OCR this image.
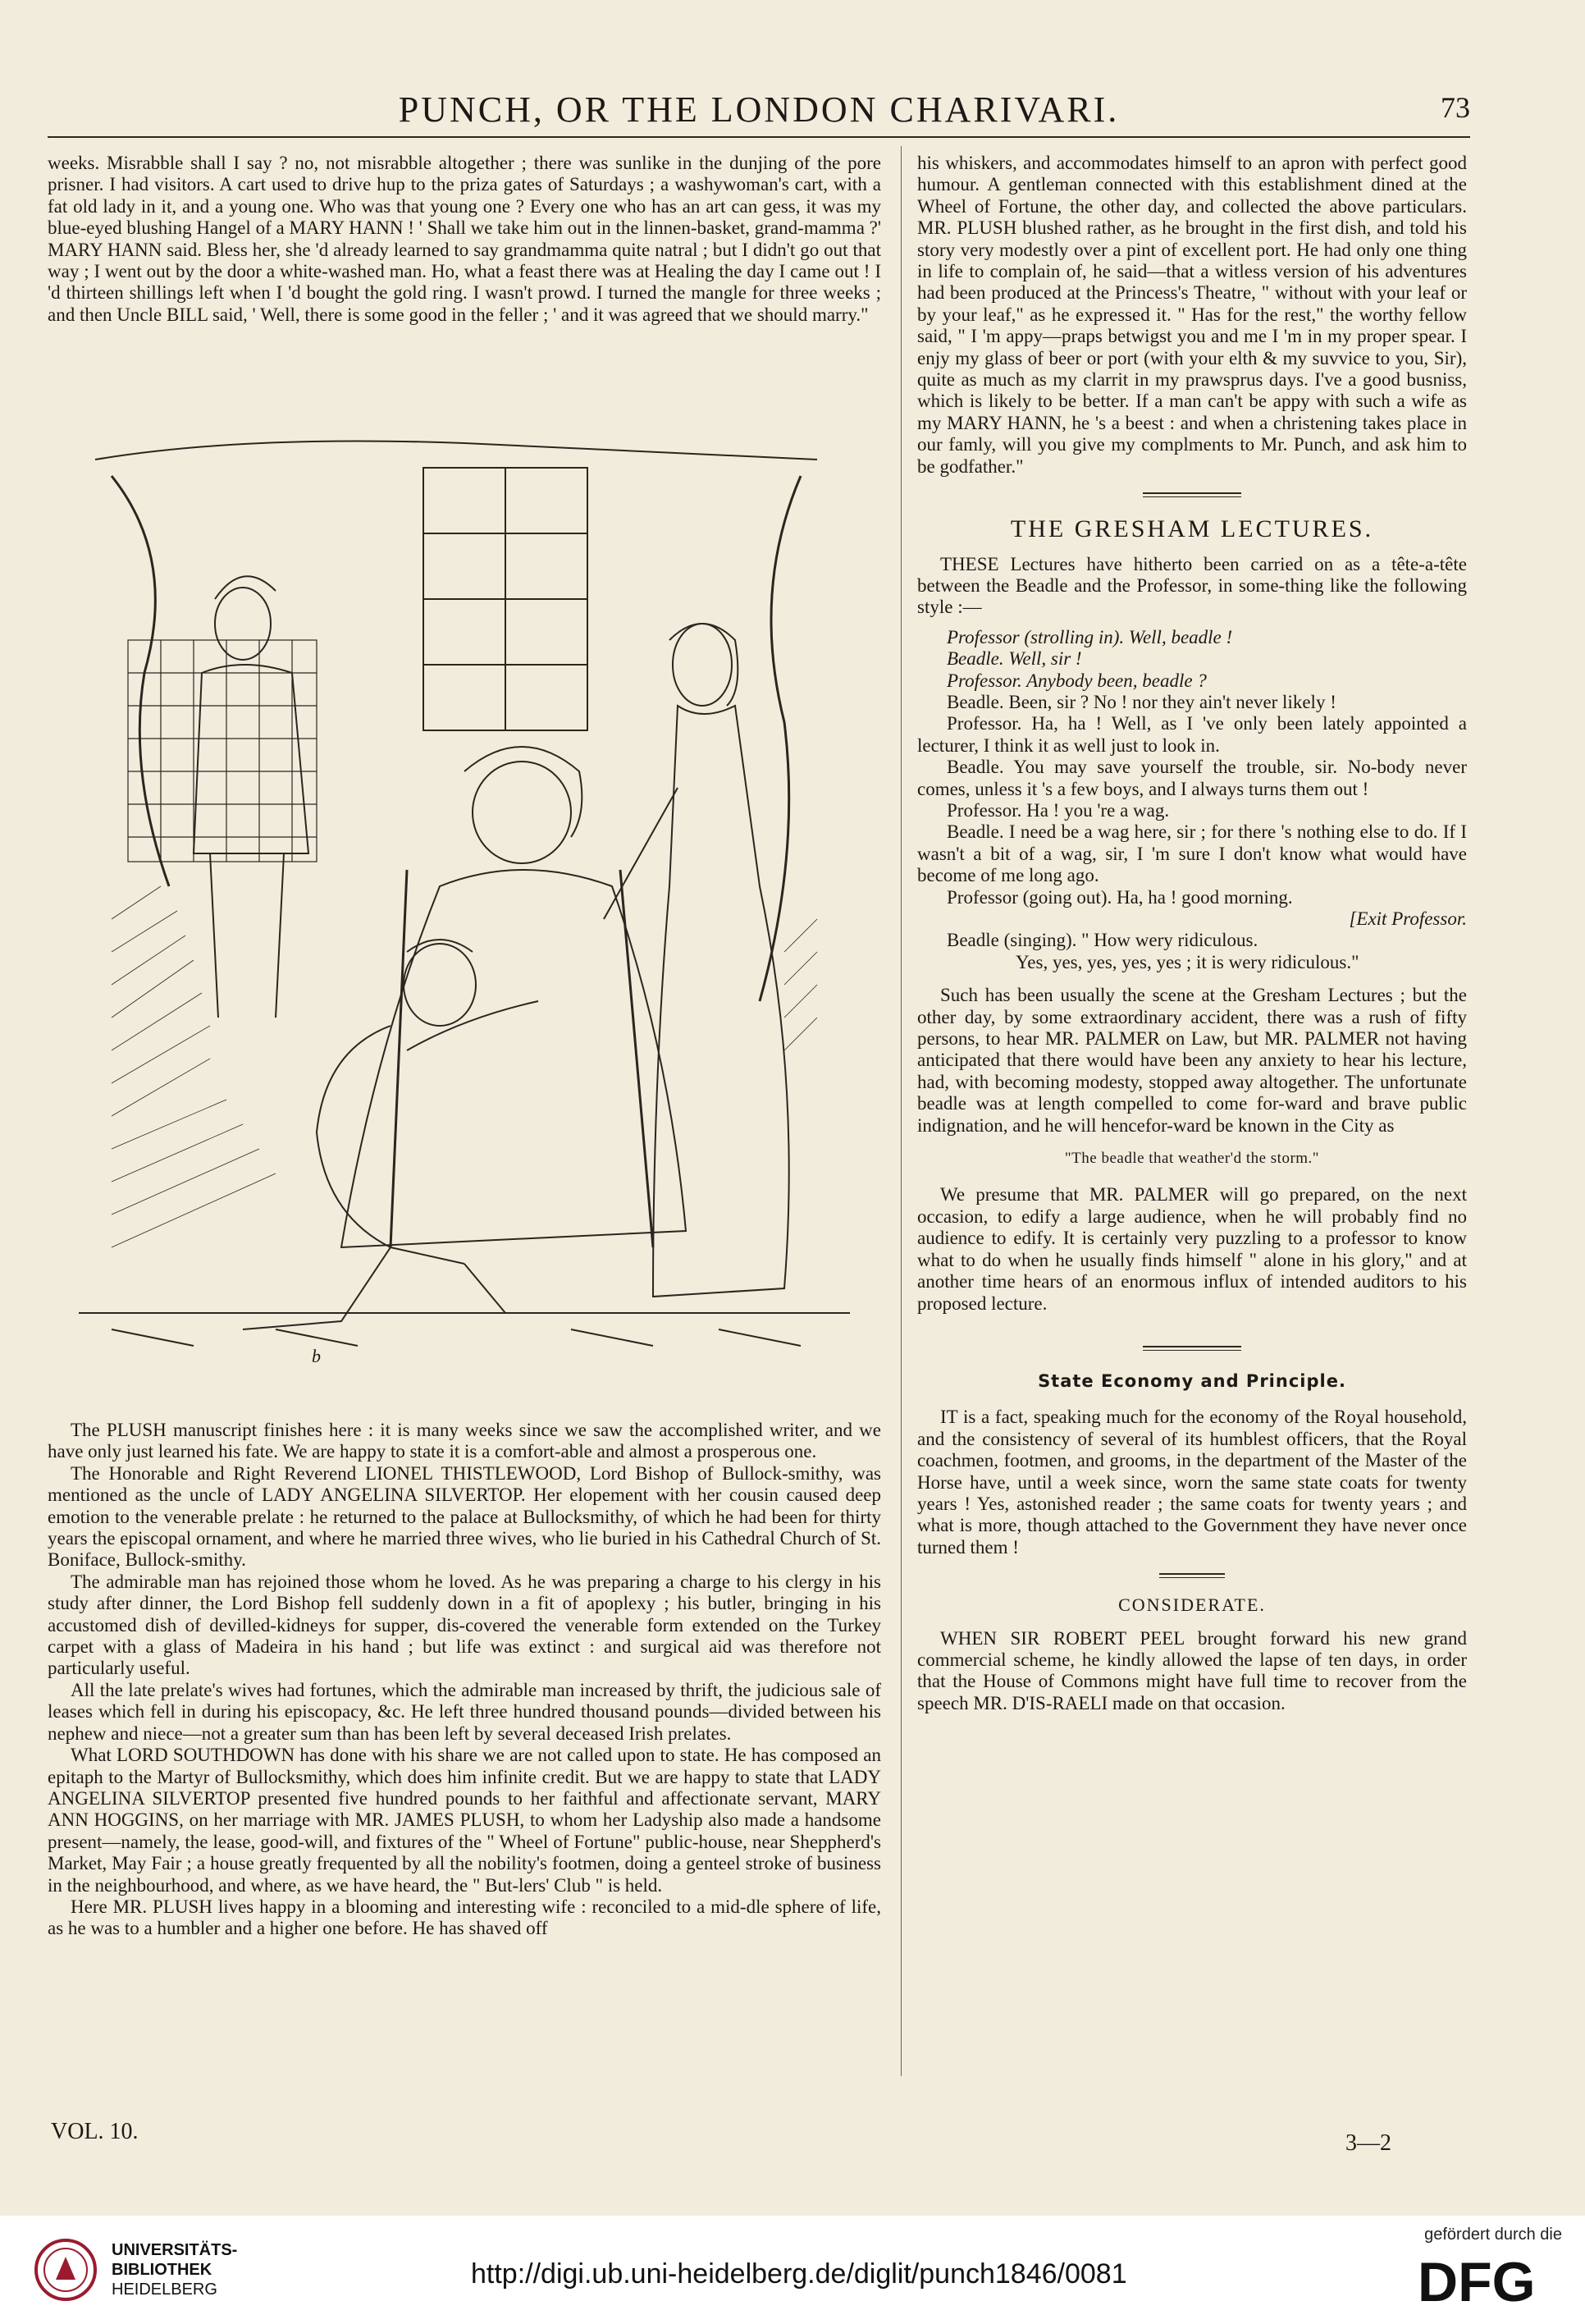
PUNCH, OR THE LONDON CHARIVARI.	73

weeks. Misrabble shall I say ? no, not misrabble altogether ; there was sunlike in the dunjing of the pore prisner. I had visitors. A cart used to drive hup to the priza gates of Saturdays ; a washywoman's cart, with a fat old lady in it, and a young one. Who was that young one ? Every one who has an art can gess, it was my blue-eyed blushing Hangel of a MARY HANN ! ' Shall we take him out in the linnen-basket, grand-mamma ?' MARY HANN said. Bless her, she 'd already learned to say grandmamma quite natral ; but I didn't go out that way ; I went out by the door a white-washed man. Ho, what a feast there was at Healing the day I came out ! I 'd thirteen shillings left when I 'd bought the gold ring. I wasn't prowd. I turned the mangle for three weeks ; and then Uncle BILL said, ' Well, there is some good in the feller ; ' and it was agreed that we should marry."

b

The PLUSH manuscript finishes here : it is many weeks since we saw the accomplished writer, and we have only just learned his fate. We are happy to state it is a comfort-able and almost a prosperous one.

The Honorable and Right Reverend LIONEL THISTLEWOOD, Lord Bishop of Bullock-smithy, was mentioned as the uncle of LADY ANGELINA SILVERTOP. Her elopement with her cousin caused deep emotion to the venerable prelate : he returned to the palace at Bullocksmithy, of which he had been for thirty years the episcopal ornament, and where he married three wives, who lie buried in his Cathedral Church of St. Boniface, Bullock-smithy.

The admirable man has rejoined those whom he loved. As he was preparing a charge to his clergy in his study after dinner, the Lord Bishop fell suddenly down in a fit of apoplexy ; his butler, bringing in his accustomed dish of devilled-kidneys for supper, dis-covered the venerable form extended on the Turkey carpet with a glass of Madeira in his hand ; but life was extinct : and surgical aid was therefore not particularly useful.

All the late prelate's wives had fortunes, which the admirable man increased by thrift, the judicious sale of leases which fell in during his episcopacy, &c. He left three hundred thousand pounds—divided between his nephew and niece—not a greater sum than has been left by several deceased Irish prelates.

What LORD SOUTHDOWN has done with his share we are not called upon to state. He has composed an epitaph to the Martyr of Bullocksmithy, which does him infinite credit. But we are happy to state that LADY ANGELINA SILVERTOP presented five hundred pounds to her faithful and affectionate servant, MARY ANN HOGGINS, on her marriage with MR. JAMES PLUSH, to whom her Ladyship also made a handsome present—namely, the lease, good-will, and fixtures of the " Wheel of Fortune" public-house, near Sheppherd's Market, May Fair ; a house greatly frequented by all the nobility's footmen, doing a genteel stroke of business in the neighbourhood, and where, as we have heard, the " But-lers' Club " is held.

Here MR. PLUSH lives happy in a blooming and interesting wife : reconciled to a mid-dle sphere of life, as he was to a humbler and a higher one before. He has shaved off

his whiskers, and accommodates himself to an apron with perfect good humour. A gentleman connected with this establishment dined at the Wheel of Fortune, the other day, and collected the above particulars. MR. PLUSH blushed rather, as he brought in the first dish, and told his story very modestly over a pint of excellent port. He had only one thing in life to complain of, he said—that a witless version of his adventures had been produced at the Princess's Theatre, " without with your leaf or by your leaf," as he expressed it. " Has for the rest," the worthy fellow said, " I 'm appy—praps betwigst you and me I 'm in my proper spear. I enjy my glass of beer or port (with your elth & my suvvice to you, Sir), quite as much as my clarrit in my prawsprus days. I've a good busniss, which is likely to be better. If a man can't be appy with such a wife as my MARY HANN, he 's a beest : and when a christening takes place in our famly, will you give my complments to Mr. Punch, and ask him to be godfather."

THE GRESHAM LECTURES.

THESE Lectures have hitherto been carried on as a tête-a-tête between the Beadle and the Professor, in some-thing like the following style :—

Professor (strolling in). Well, beadle !

Beadle. Well, sir !

Professor. Anybody been, beadle ?

Beadle. Been, sir ? No ! nor they ain't never likely !

Professor. Ha, ha ! Well, as I 've only been lately appointed a lecturer, I think it as well just to look in.

Beadle. You may save yourself the trouble, sir. No-body never comes, unless it 's a few boys, and I always turns them out !

Professor. Ha ! you 're a wag.

Beadle. I need be a wag here, sir ; for there 's nothing else to do. If I wasn't a bit of a wag, sir, I 'm sure I don't know what would have become of me long ago.

Professor (going out). Ha, ha ! good morning.

[Exit Professor.

Beadle (singing). " How wery ridiculous.

Yes, yes, yes, yes, yes ; it is wery ridiculous."

Such has been usually the scene at the Gresham Lectures ; but the other day, by some extraordinary accident, there was a rush of fifty persons, to hear MR. PALMER on Law, but MR. PALMER not having anticipated that there would have been any anxiety to hear his lecture, had, with becoming modesty, stopped away altogether. The unfortunate beadle was at length compelled to come for-ward and brave public indignation, and he will hencefor-ward be known in the City as

"The beadle that weather'd the storm."

We presume that MR. PALMER will go prepared, on the next occasion, to edify a large audience, when he will probably find no audience to edify. It is certainly very puzzling to a professor to know what to do when he usually finds himself " alone in his glory," and at another time hears of an enormous influx of intended auditors to his proposed lecture.

State Economy and Principle.

IT is a fact, speaking much for the economy of the Royal household, and the consistency of several of its humblest officers, that the Royal coachmen, footmen, and grooms, in the department of the Master of the Horse have, until a week since, worn the same state coats for twenty years ! Yes, astonished reader ; the same coats for twenty years ; and what is more, though attached to the Government they have never once turned them !

CONSIDERATE.

WHEN SIR ROBERT PEEL brought forward his new grand commercial scheme, he kindly allowed the lapse of ten days, in order that the House of Commons might have full time to recover from the speech MR. D'IS-RAELI made on that occasion.

VOL. 10.	3—2
UNIVERSITÄTS-
BIBLIOTHEK
HEIDELBERG	http://digi.ub.uni-heidelberg.de/diglit/punch1846/0081
gefördert durch die
DFG
